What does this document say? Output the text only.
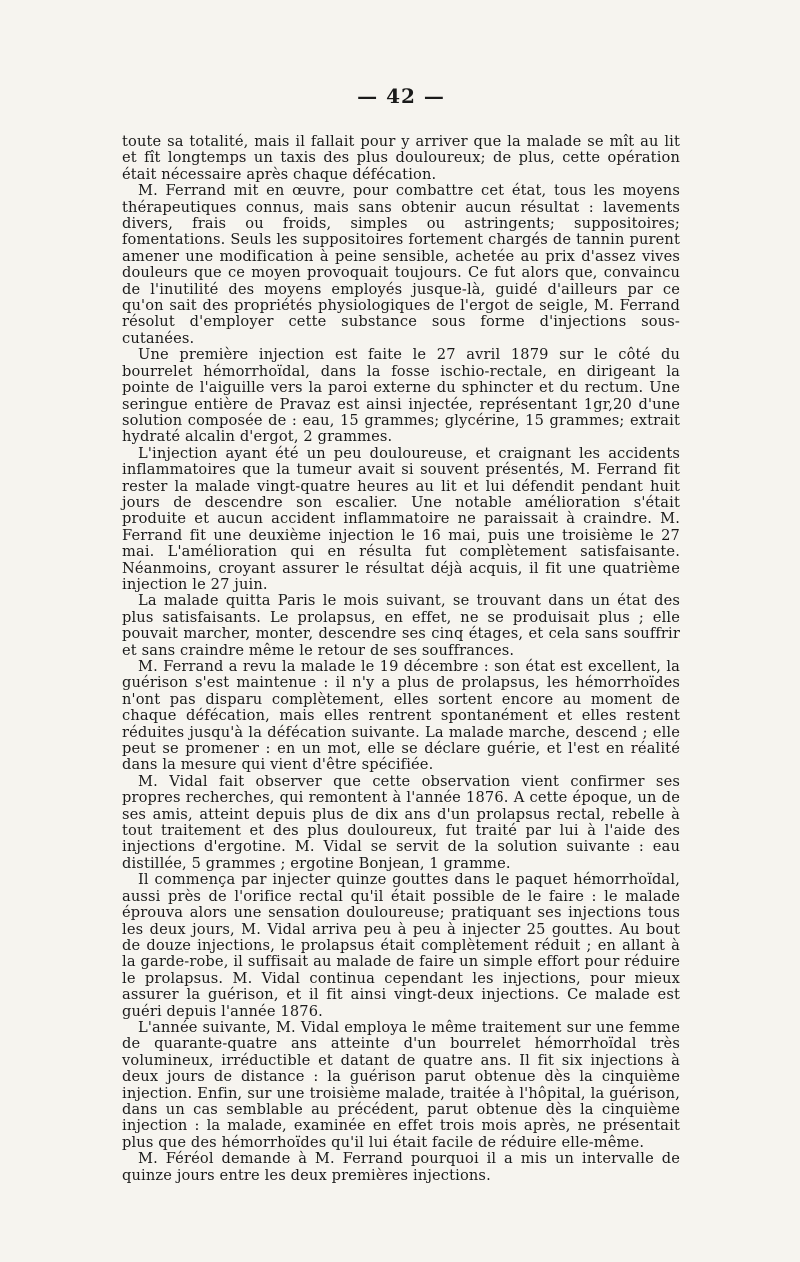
— 42 —

toute sa totalité, mais il fallait pour y arriver que la malade se mît au lit et fît longtemps un taxis des plus douloureux; de plus, cette opération était nécessaire après chaque défécation.

M. Ferrand mit en œuvre, pour combattre cet état, tous les moyens thérapeutiques connus, mais sans obtenir aucun résultat : lavements divers, frais ou froids, simples ou astringents; suppositoires; fomentations. Seuls les suppositoires fortement chargés de tannin purent amener une modification à peine sensible, achetée au prix d'assez vives douleurs que ce moyen provoquait toujours. Ce fut alors que, convaincu de l'inutilité des moyens employés jusque-là, guidé d'ailleurs par ce qu'on sait des propriétés physiologiques de l'ergot de seigle, M. Ferrand résolut d'employer cette substance sous forme d'injections sous-cutanées.

Une première injection est faite le 27 avril 1879 sur le côté du bourrelet hémorrhoïdal, dans la fosse ischio-rectale, en dirigeant la pointe de l'aiguille vers la paroi externe du sphincter et du rectum. Une seringue entière de Pravaz est ainsi injectée, représentant 1gr,20 d'une solution composée de : eau, 15 grammes; glycérine, 15 grammes; extrait hydraté alcalin d'ergot, 2 grammes.

L'injection ayant été un peu douloureuse, et craignant les accidents inflammatoires que la tumeur avait si souvent présentés, M. Ferrand fit rester la malade vingt-quatre heures au lit et lui défendit pendant huit jours de descendre son escalier. Une notable amélioration s'était produite et aucun accident inflammatoire ne paraissait à craindre. M. Ferrand fit une deuxième injection le 16 mai, puis une troisième le 27 mai. L'amélioration qui en résulta fut complètement satisfaisante. Néanmoins, croyant assurer le résultat déjà acquis, il fit une quatrième injection le 27 juin.

La malade quitta Paris le mois suivant, se trouvant dans un état des plus satisfaisants. Le prolapsus, en effet, ne se produisait plus ; elle pouvait marcher, monter, descendre ses cinq étages, et cela sans souffrir et sans craindre même le retour de ses souffrances.

M. Ferrand a revu la malade le 19 décembre : son état est excellent, la guérison s'est maintenue : il n'y a plus de prolapsus, les hémorrhoïdes n'ont pas disparu complètement, elles sortent encore au moment de chaque défécation, mais elles rentrent spontanément et elles restent réduites jusqu'à la défécation suivante. La malade marche, descend ; elle peut se promener : en un mot, elle se déclare guérie, et l'est en réalité dans la mesure qui vient d'être spécifiée.

M. Vidal fait observer que cette observation vient confirmer ses propres recherches, qui remontent à l'année 1876. A cette époque, un de ses amis, atteint depuis plus de dix ans d'un prolapsus rectal, rebelle à tout traitement et des plus douloureux, fut traité par lui à l'aide des injections d'ergotine. M. Vidal se servit de la solution suivante : eau distillée, 5 grammes ; ergotine Bonjean, 1 gramme.

Il commença par injecter quinze gouttes dans le paquet hémorrhoïdal, aussi près de l'orifice rectal qu'il était possible de le faire : le malade éprouva alors une sensation douloureuse; pratiquant ses injections tous les deux jours, M. Vidal arriva peu à peu à injecter 25 gouttes. Au bout de douze injections, le prolapsus était complètement réduit ; en allant à la garde-robe, il suffisait au malade de faire un simple effort pour réduire le prolapsus. M. Vidal continua cependant les injections, pour mieux assurer la guérison, et il fit ainsi vingt-deux injections. Ce malade est guéri depuis l'année 1876.

L'année suivante, M. Vidal employa le même traitement sur une femme de quarante-quatre ans atteinte d'un bourrelet hémorrhoïdal très volumineux, irréductible et datant de quatre ans. Il fit six injections à deux jours de distance : la guérison parut obtenue dès la cinquième injection. Enfin, sur une troisième malade, traitée à l'hôpital, la guérison, dans un cas semblable au précédent, parut obtenue dès la cinquième injection : la malade, examinée en effet trois mois après, ne présentait plus que des hémorrhoïdes qu'il lui était facile de réduire elle-même.

M. Féréol demande à M. Ferrand pourquoi il a mis un intervalle de quinze jours entre les deux premières injections.
